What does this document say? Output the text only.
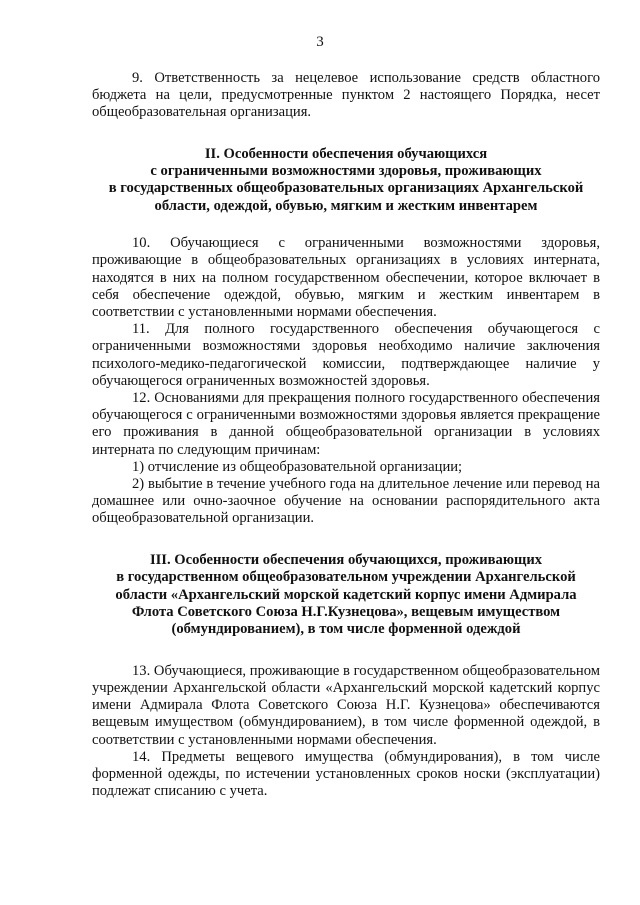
3

9. Ответственность за нецелевое использование средств областного бюджета на цели, предусмотренные пунктом 2 настоящего Порядка, несет общеобразовательная организация.

II. Особенности обеспечения обучающихся
с ограниченными возможностями здоровья, проживающих
в государственных общеобразовательных организациях Архангельской
области, одеждой, обувью, мягким и жестким инвентарем

10. Обучающиеся с ограниченными возможностями здоровья, проживающие в общеобразовательных организациях в условиях интерната, находятся в них на полном государственном обеспечении, которое включает в себя обеспечение одеждой, обувью, мягким и жестким инвентарем в соответствии с установленными нормами обеспечения.

11. Для полного государственного обеспечения обучающегося с ограниченными возможностями здоровья необходимо наличие заключения психолого-медико-педагогической комиссии, подтверждающее наличие у обучающегося ограниченных возможностей здоровья.

12. Основаниями для прекращения полного государственного обеспечения обучающегося с ограниченными возможностями здоровья является прекращение его проживания в данной общеобразовательной организации в условиях интерната по следующим причинам:

1) отчисление из общеобразовательной организации;

2) выбытие в течение учебного года на длительное лечение или перевод на домашнее или очно-заочное обучение на основании распорядительного акта общеобразовательной организации.

III. Особенности обеспечения обучающихся, проживающих
в государственном общеобразовательном учреждении Архангельской
области «Архангельский морской кадетский корпус имени Адмирала
Флота Советского Союза Н.Г.Кузнецова», вещевым имуществом
(обмундированием), в том числе форменной одеждой

13. Обучающиеся, проживающие в государственном общеобразовательном учреждении Архангельской области «Архангельский морской кадетский корпус имени Адмирала Флота Советского Союза Н.Г. Кузнецова» обеспечиваются вещевым имуществом (обмундированием), в том числе форменной одеждой, в соответствии с установленными нормами обеспечения.

14. Предметы вещевого имущества (обмундирования), в том числе форменной одежды, по истечении установленных сроков носки (эксплуатации) подлежат списанию с учета.
